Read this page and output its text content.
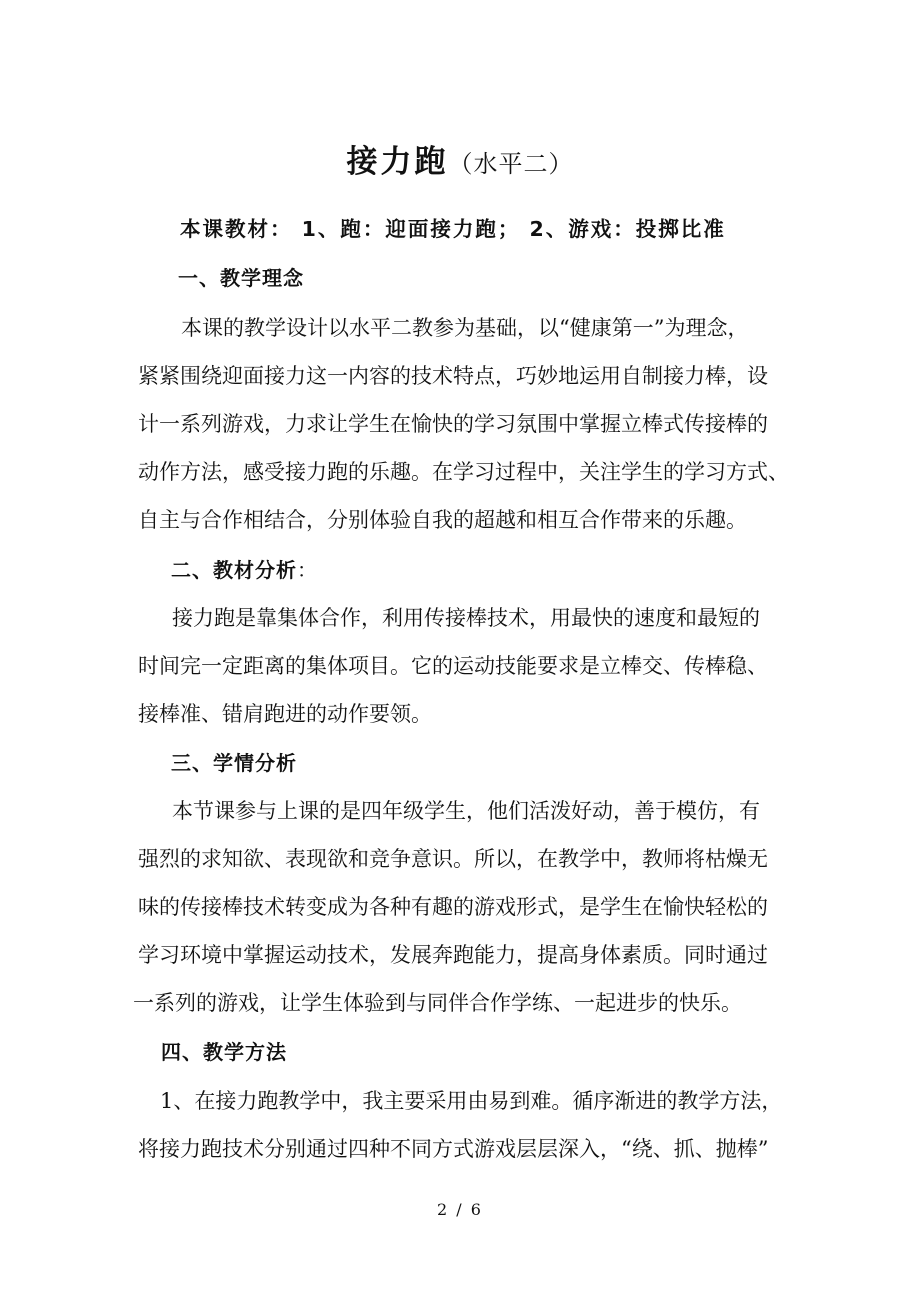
接力跑（水平二）
本课教材： 1、跑：迎面接力跑； 2、游戏：投掷比准
一、教学理念
本课的教学设计以水平二教参为基础，以“健康第一”为理念，
紧紧围绕迎面接力这一内容的技术特点，巧妙地运用自制接力棒，设
计一系列游戏，力求让学生在愉快的学习氛围中掌握立棒式传接棒的
动作方法，感受接力跑的乐趣。在学习过程中，关注学生的学习方式、
自主与合作相结合，分别体验自我的超越和相互合作带来的乐趣。
二、教材分析：
接力跑是靠集体合作，利用传接棒技术，用最快的速度和最短的
时间完一定距离的集体项目。它的运动技能要求是立棒交、传棒稳、
接棒准、错肩跑进的动作要领。
三、学情分析
本节课参与上课的是四年级学生，他们活泼好动，善于模仿，有
强烈的求知欲、表现欲和竞争意识。所以，在教学中，教师将枯燥无
味的传接棒技术转变成为各种有趣的游戏形式，是学生在愉快轻松的
学习环境中掌握运动技术，发展奔跑能力，提高身体素质。同时通过
一系列的游戏，让学生体验到与同伴合作学练、一起进步的快乐。
四、教学方法
1、在接力跑教学中，我主要采用由易到难。循序渐进的教学方法，
将接力跑技术分别通过四种不同方式游戏层层深入，“绕、抓、抛棒”
2 / 6
